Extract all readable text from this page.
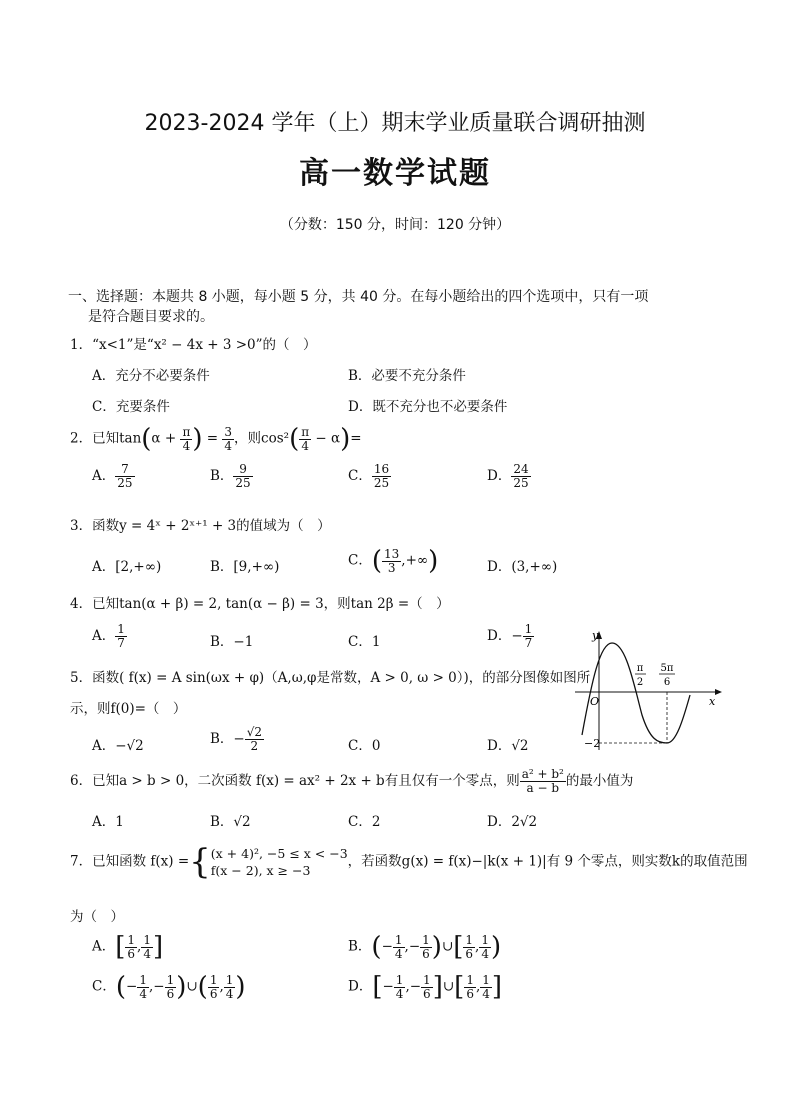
2023-2024 学年（上）期末学业质量联合调研抽测
高一数学试题
（分数：150 分，时间：120 分钟）
一、选择题：本题共 8 小题，每小题 5 分，共 40 分。在每小题给出的四个选项中，只有一项
是符合题目要求的。
1．“x<1”是“x² − 4x + 3 >0”的（　）
A．充分不必要条件	B．必要不充分条件
C．充要条件	D．既不充分也不必要条件
2．已知$\tan(\alpha + \frac{\pi}{4}$ ) = $\frac{3}{4}$ ，则$\cos^2( \frac{\pi}{4} - \alpha)=$
A． $\frac{7}{25}$	B． $\frac{9}{25}$	C． $\frac{16}{25}$	D． $\frac{24}{25}$
3．函数y = 4ˣ + 2ˣ⁺¹ + 3的值域为（　）
A．[2,+∞)	B．[9,+∞)	C．( $\frac{13}{3}$ ,+∞)	D．(3,+∞)
4．已知tan(α + β) = 2, tan(α − β) = 3，则tan 2β =（　）
A． $\frac{1}{7}$	B．−1	C．1	D．− $\frac{1}{7}$
5．函数( f(x) = A sin(ωx + φ)（A,ω,φ是常数，A > 0, ω > 0）)，的部分图像如图所
示，则f(0)=（　）
A．−√2	B．− $\frac{√2}{2}$	C．0	D．√2
y
x
O
π
2
5π
6
−2
6．已知a > b > 0，二次函数 f(x) = ax² + 2x + b有且仅有一个零点，则 $\frac{\text{a² + b²}}{a - b}$ 的最小值为
A．1	B．√2	C．2	D．2√2
7．已知函数 f(x) ={ (x + 4)², −5 ≤ x < −3
f(x − 2), x ≥ −3
，若函数g(x) = f(x)−|k(x + 1)|有 9 个零点，则实数k的取值范围
为（　）
A．[ $\frac{1}{6}$ , $\frac{1}{4}$ ]	B．(− $\frac{1}{4}$ ,− $\frac{1}{6}$ )∪[ $\frac{1}{6}$ , $\frac{1}{4}$ )
C．(− $\frac{1}{4}$ ,− $\frac{1}{6}$ )∪( $\frac{1}{6}$ , $\frac{1}{4}$ )	D．[− $\frac{1}{4}$ ,− $\frac{1}{6}$ ]∪[ $\frac{1}{6}$ , $\frac{1}{4}$ ]
